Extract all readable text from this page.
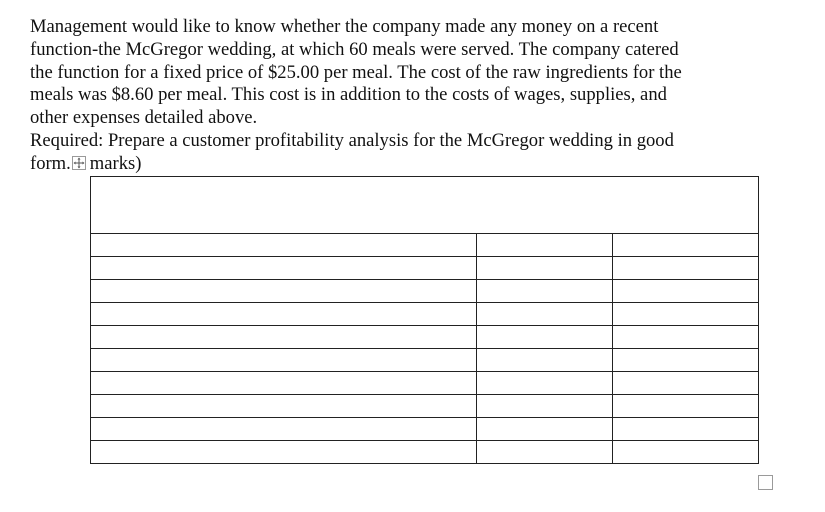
Management would like to know whether the company made any money on a recent
function-the McGregor wedding, at which 60 meals were served. The company catered
the function for a fixed price of $25.00 per meal. The cost of the raw ingredients for the
meals was $8.60 per meal. This cost is in addition to the costs of wages, supplies, and
other expenses detailed above.
Required: Prepare a customer profitability analysis for the McGregor wedding in good
form. marks)
